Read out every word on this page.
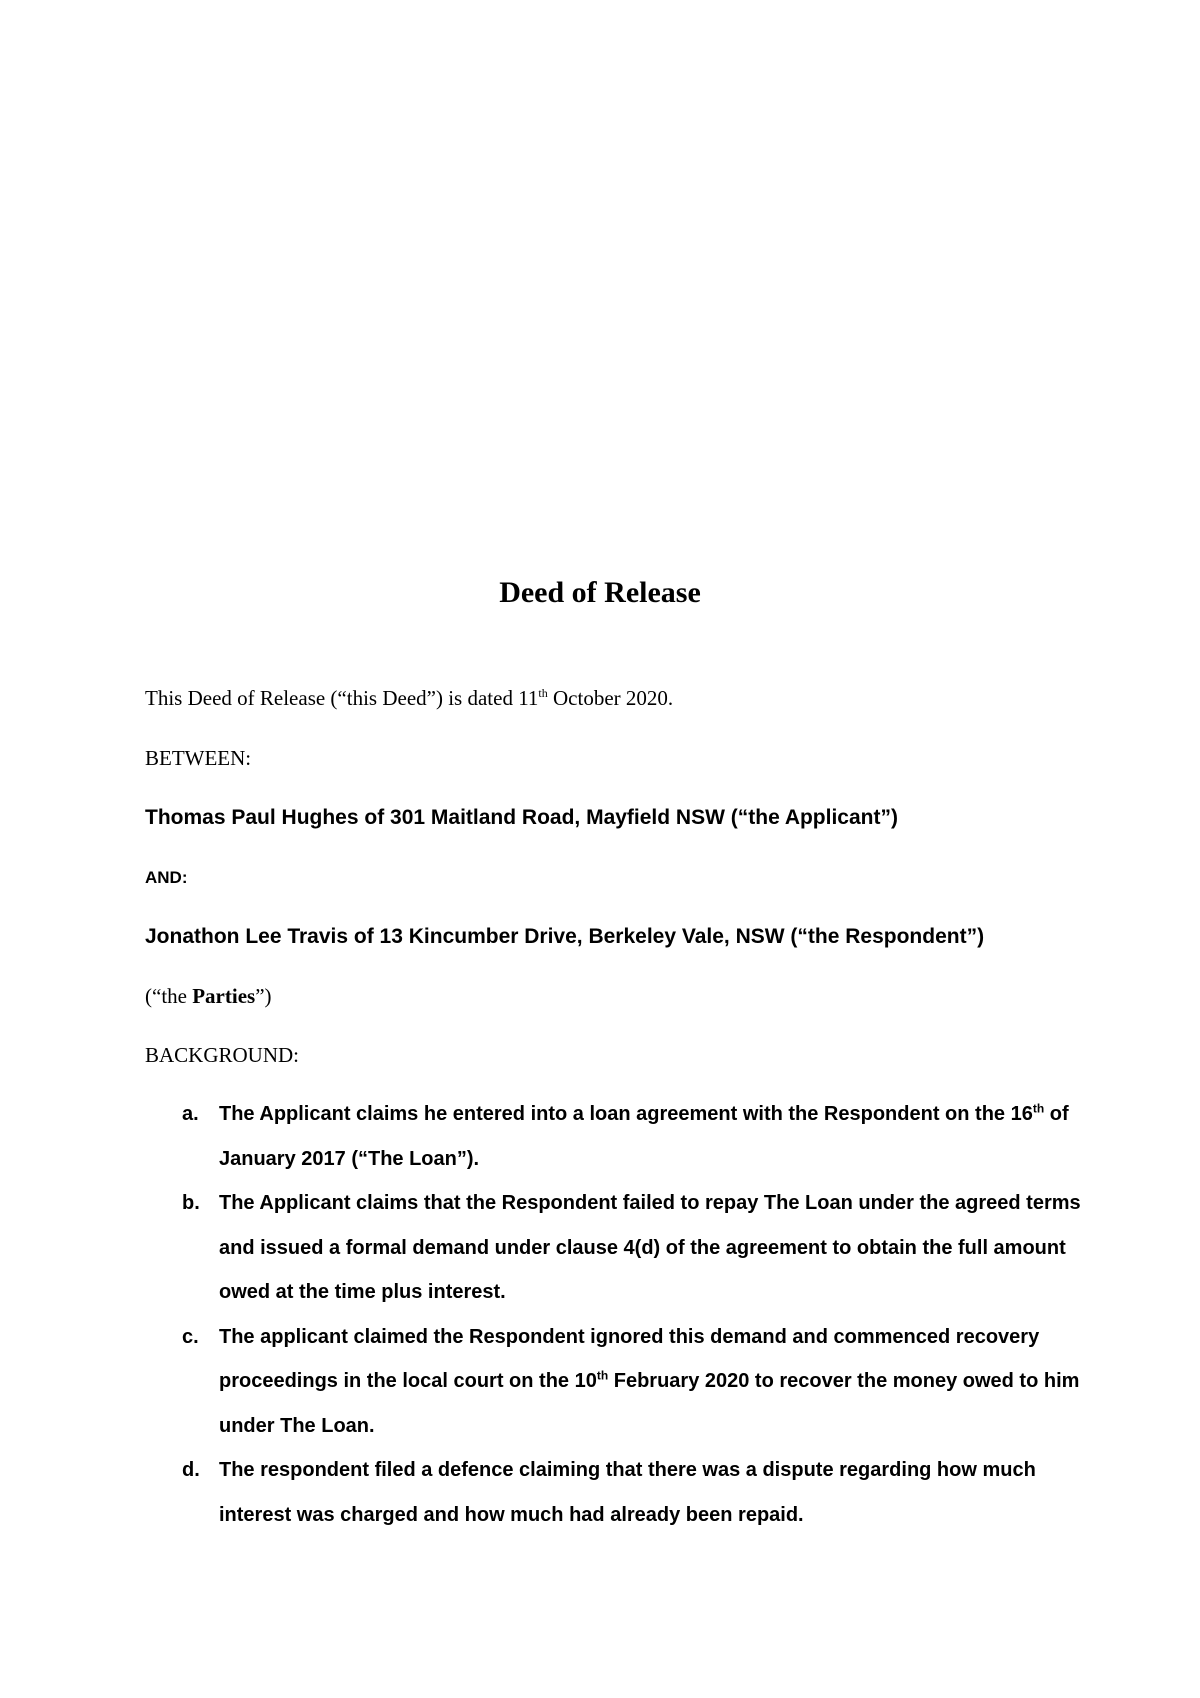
Deed of Release
This Deed of Release (“this Deed”) is dated 11th October 2020.
BETWEEN:
Thomas Paul Hughes of 301 Maitland Road, Mayfield NSW (“the Applicant”)
AND:
Jonathon Lee Travis of 13 Kincumber Drive, Berkeley Vale, NSW (“the Respondent”)
(“the Parties”)
BACKGROUND:
a. The Applicant claims he entered into a loan agreement with the Respondent on the 16th of January 2017 (“The Loan”).
b. The Applicant claims that the Respondent failed to repay The Loan under the agreed terms and issued a formal demand under clause 4(d) of the agreement to obtain the full amount owed at the time plus interest.
c. The applicant claimed the Respondent ignored this demand and commenced recovery proceedings in the local court on the 10th February 2020 to recover the money owed to him under The Loan.
d. The respondent filed a defence claiming that there was a dispute regarding how much interest was charged and how much had already been repaid.
